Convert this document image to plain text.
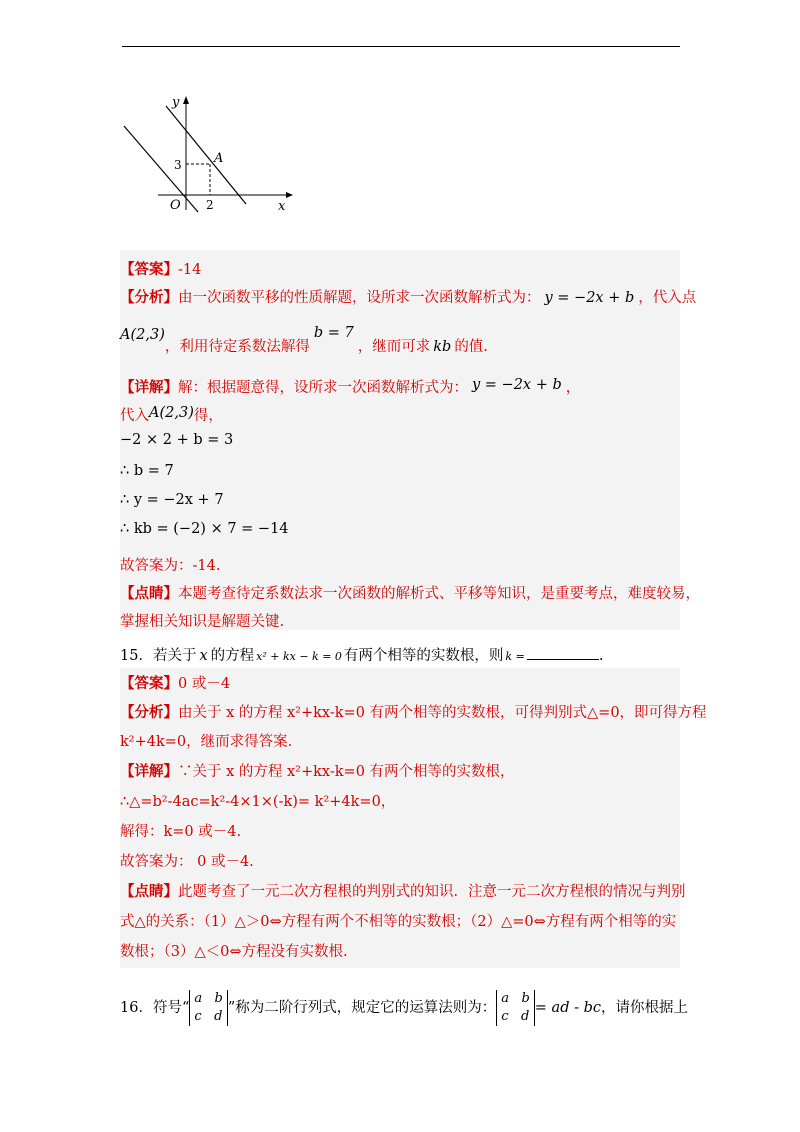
y
x
O 2
3 A
【答案】-14
【分析】由一次函数平移的性质解题，设所求一次函数解析式为： y = −2x + b ，代入点
A(2,3)，利用待定系数法解得b = 7，继而可求 kb 的值.
【详解】解：根据题意得，设所求一次函数解析式为： y = −2x + b ，
代入A(2,3)得，
−2 × 2 + b = 3
∴ b = 7
∴ y = −2x + 7
∴ kb = (−2) × 7 = −14
故答案为：-14.
【点睛】本题考查待定系数法求一次函数的解析式、平移等知识，是重要考点，难度较易，
掌握相关知识是解题关键.
15．若关于 x 的方程 x² + kx − k = 0 有两个相等的实数根，则 k =	.
【答案】0 或－4
【分析】由关于 x 的方程 x²+kx-k=0 有两个相等的实数根，可得判别式△=0，即可得方程
k²+4k=0，继而求得答案.
【详解】∵关于 x 的方程 x²+kx-k=0 有两个相等的实数根，
∴△=b²-4ac=k²-4×1×(-k)= k²+4k=0，
解得：k=0 或－4.
故答案为： 0 或－4.
【点睛】此题考查了一元二次方程根的判别式的知识．注意一元二次方程根的情况与判别
式△的关系：（1）△＞0⇔方程有两个不相等的实数根；（2）△=0⇔方程有两个相等的实
数根；（3）△＜0⇔方程没有实数根.
16．符号“a b
c d”称为二阶行列式，规定它的运算法则为：a b
c d= ad - bc，请你根据上
